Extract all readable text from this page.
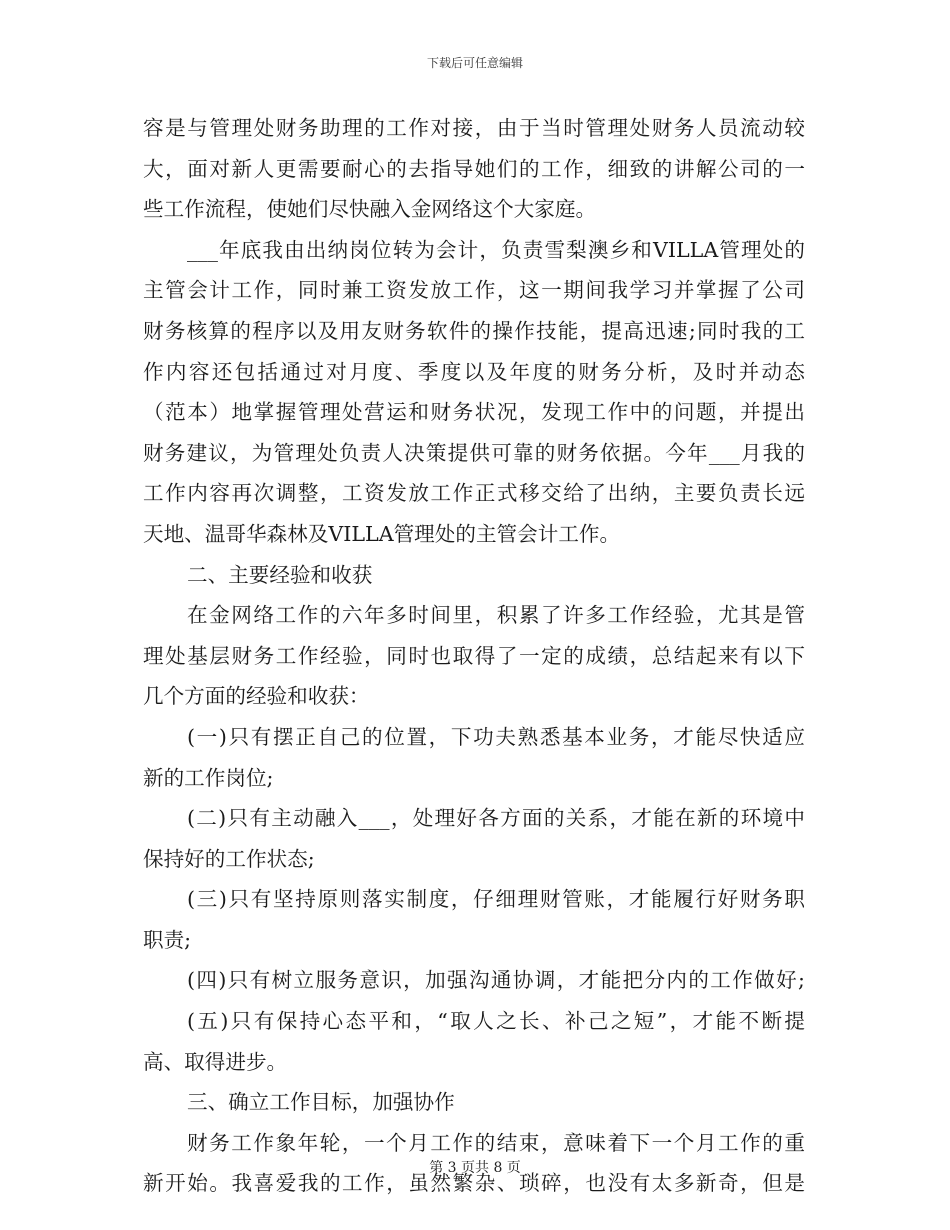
下载后可任意编辑
容是与管理处财务助理的工作对接，由于当时管理处财务人员流动较
大，面对新人更需要耐心的去指导她们的工作，细致的讲解公司的一
些工作流程，使她们尽快融入金网络这个大家庭。
___年底我由出纳岗位转为会计，负责雪梨澳乡和VILLA管理处的
主管会计工作，同时兼工资发放工作，这一期间我学习并掌握了公司
财务核算的程序以及用友财务软件的操作技能，提高迅速;同时我的工
作内容还包括通过对月度、季度以及年度的财务分析，及时并动态
（范本）地掌握管理处营运和财务状况，发现工作中的问题，并提出
财务建议，为管理处负责人决策提供可靠的财务依据。今年___月我的
工作内容再次调整，工资发放工作正式移交给了出纳，主要负责长远
天地、温哥华森林及VILLA管理处的主管会计工作。
二、主要经验和收获
在金网络工作的六年多时间里，积累了许多工作经验，尤其是管
理处基层财务工作经验，同时也取得了一定的成绩，总结起来有以下
几个方面的经验和收获：
(一)只有摆正自己的位置，下功夫熟悉基本业务，才能尽快适应
新的工作岗位;
(二)只有主动融入___，处理好各方面的关系，才能在新的环境中
保持好的工作状态;
(三)只有坚持原则落实制度，仔细理财管账，才能履行好财务职
职责;
(四)只有树立服务意识，加强沟通协调，才能把分内的工作做好;
(五)只有保持心态平和，“取人之长、补己之短”，才能不断提
高、取得进步。
三、确立工作目标，加强协作
财务工作象年轮，一个月工作的结束，意味着下一个月工作的重
新开始。我喜爱我的工作，虽然繁杂、琐碎，也没有太多新奇，但是
第 3 页共 8 页
